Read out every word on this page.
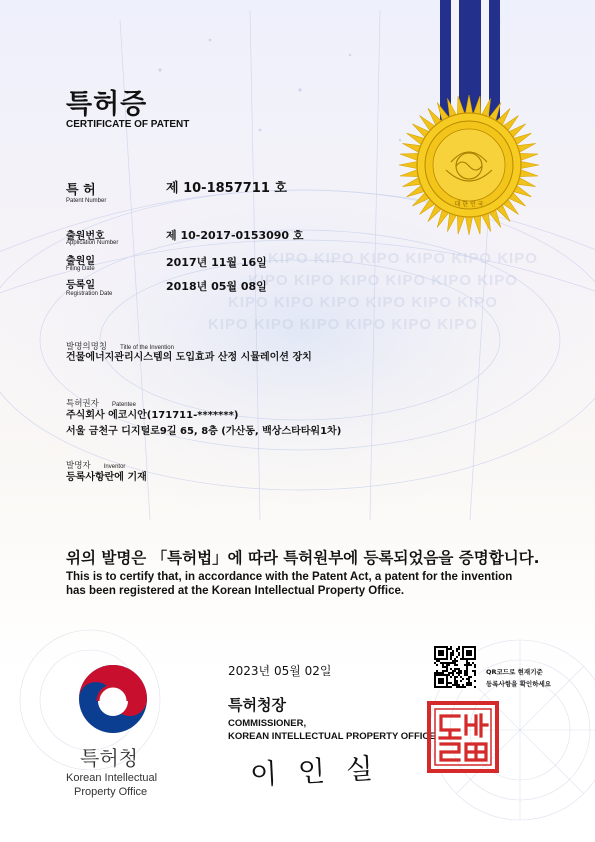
대 한 민 국
KIPO KIPO KIPO KIPO KIPO KIPO
KIPO KIPO KIPO KIPO KIPO KIPO
KIPO KIPO KIPO KIPO KIPO KIPO
KIPO KIPO KIPO KIPO KIPO KIPO
특허증
CERTIFICATE OF PATENT
특 허
Patent Number
제 10-1857711 호
출원번호
Application Number
제 10-2017-0153090 호
출원일
Filing Date	2017년 11월 16일
등록일
Registration Date
2018년 05월 08일
발명의명칭 Title of the Invention
건물에너지관리시스템의 도입효과 산정 시뮬레이션 장치
특허권자 Patentee
주식회사 에코시안(171711-*******)
서울 금천구 디지털로9길 65, 8층 (가산동, 백상스타타워1차)
발명자 Inventor
등록사항란에 기재
위의 발명은 「특허법」에 따라 특허원부에 등록되었음을 증명합니다.
This is to certify that, in accordance with the Patent Act, a patent for the invention
has been registered at the Korean Intellectual Property Office.
2023년 05월 02일	QR코드로 현재기준
등록사항을 확인하세요
특허청장
COMMISSIONER,
KOREAN INTELLECTUAL PROPERTY OFFICE
이 인 실
특허청
Korean Intellectual
Property Office
